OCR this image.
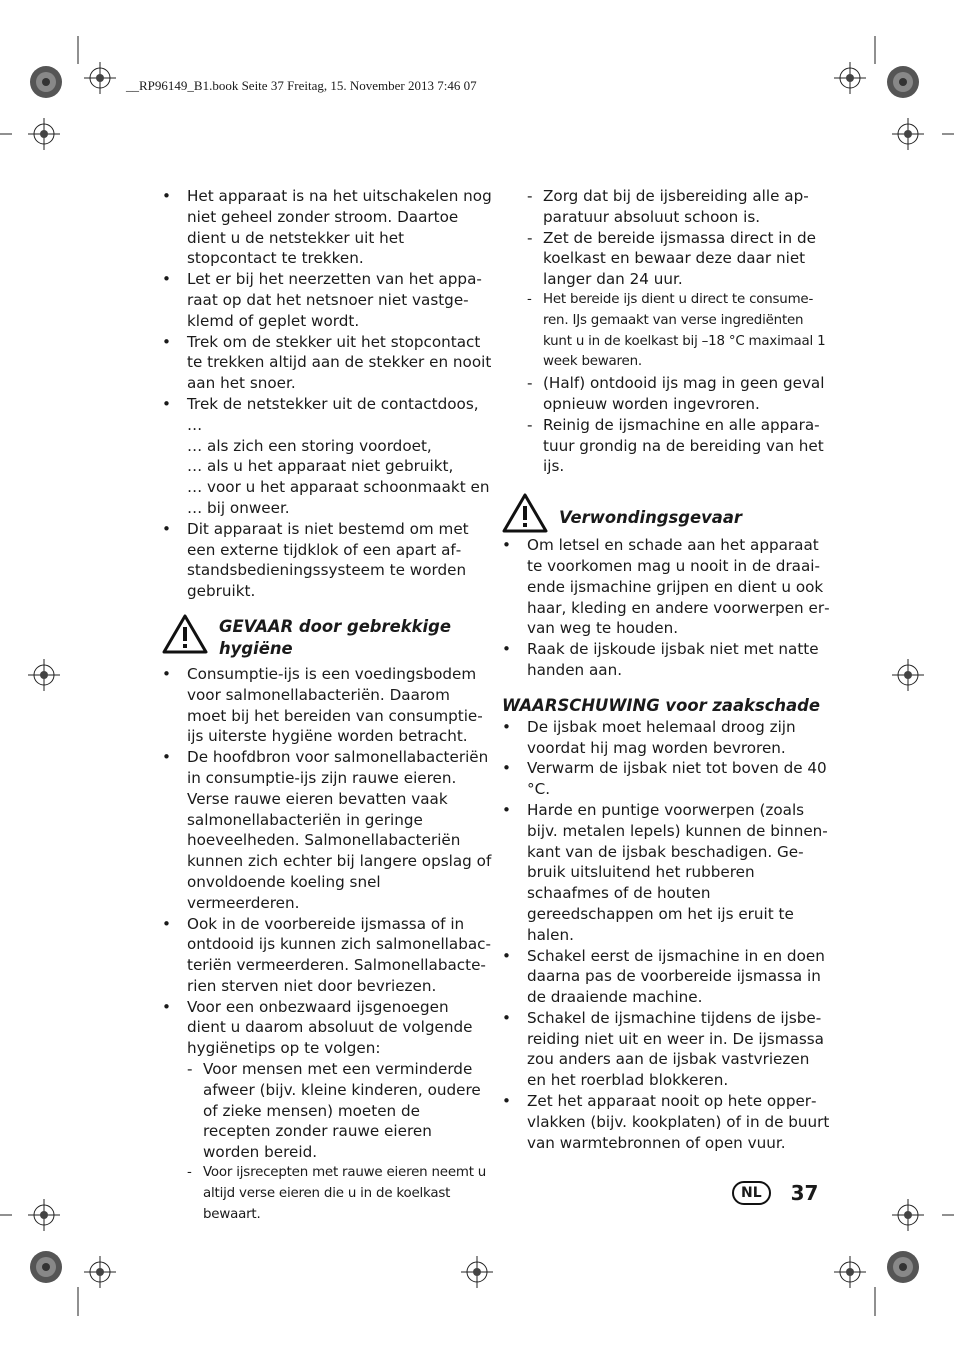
__RP96149_B1.book Seite 37 Freitag, 15. November 2013 7:46 07
• Het apparaat is na het uitschakelen nog niet geheel zonder stroom. Daartoe dient u de netstekker uit het stopcontact te trekken.
• Let er bij het neerzetten van het apparaat op dat het netsnoer niet vastgeklemd of geplet wordt.
• Trek om de stekker uit het stopcontact te trekken altijd aan de stekker en nooit aan het snoer.
• Trek de netstekker uit de contactdoos, …
… als zich een storing voordoet,
… als u het apparaat niet gebruikt,
… voor u het apparaat schoonmaakt en
… bij onweer.
• Dit apparaat is niet bestemd om met een externe tijdklok of een apart afstandsbedieningssysteem te worden gebruikt.
GEVAAR door gebrekkige hygiëne
• Consumptie-ijs is een voedingsbodem voor salmonellabacteriën. Daarom moet bij het bereiden van consumptie-ijs uiterste hygiëne worden betracht.
• De hoofdbron voor salmonellabacteriën in consumptie-ijs zijn rauwe eieren. Verse rauwe eieren bevatten vaak salmonellabacteriën in geringe hoeveelheden. Salmonellabacteriën kunnen zich echter bij langere opslag of onvoldoende koeling snel vermeerderen.
• Ook in de voorbereide ijsmassa of in ontdooid ijs kunnen zich salmonellabacteriën vermeerderen. Salmonellabacterien sterven niet door bevriezen.
• Voor een onbezwaard ijsgenoegen dient u daarom absoluut de volgende hygiënetips op te volgen:
- Voor mensen met een verminderde afweer (bijv. kleine kinderen, oudere of zieke mensen) moeten de recepten zonder rauwe eieren worden bereid.
- Voor ijsrecepten met rauwe eieren neemt u altijd verse eieren die u in de koelkast bewaart.
- Zorg dat bij de ijsbereiding alle apparatuur absoluut schoon is.
- Zet de bereide ijsmassa direct in de koelkast en bewaar deze daar niet langer dan 24 uur.
- Het bereide ijs dient u direct te consumeren. IJs gemaakt van verse ingrediënten kunt u in de koelkast bij –18 °C maximaal 1 week bewaren.
- (Half) ontdooid ijs mag in geen geval opnieuw worden ingevroren.
- Reinig de ijsmachine en alle apparatuur grondig na de bereiding van het ijs.
Verwondingsgevaar
• Om letsel en schade aan het apparaat te voorkomen mag u nooit in de draaiende ijsmachine grijpen en dient u ook haar, kleding en andere voorwerpen ervan weg te houden.
• Raak de ijskoude ijsbak niet met natte handen aan.
WAARSCHUWING voor zaakschade
• De ijsbak moet helemaal droog zijn voordat hij mag worden bevroren.
• Verwarm de ijsbak niet tot boven de 40 °C.
• Harde en puntige voorwerpen (zoals bijv. metalen lepels) kunnen de binnenkant van de ijsbak beschadigen. Gebruik uitsluitend het rubberen schaafmes of de houten gereedschappen om het ijs eruit te halen.
• Schakel eerst de ijsmachine in en doen daarna pas de voorbereide ijsmassa in de draaiende machine.
• Schakel de ijsmachine tijdens de ijsbereiding niet uit en weer in. De ijsmassa zou anders aan de ijsbak vastvriezen en het roerblad blokkeren.
• Zet het apparaat nooit op hete oppervlakken (bijv. kookplaten) of in de buurt van warmtebronnen of open vuur.
NL	37
